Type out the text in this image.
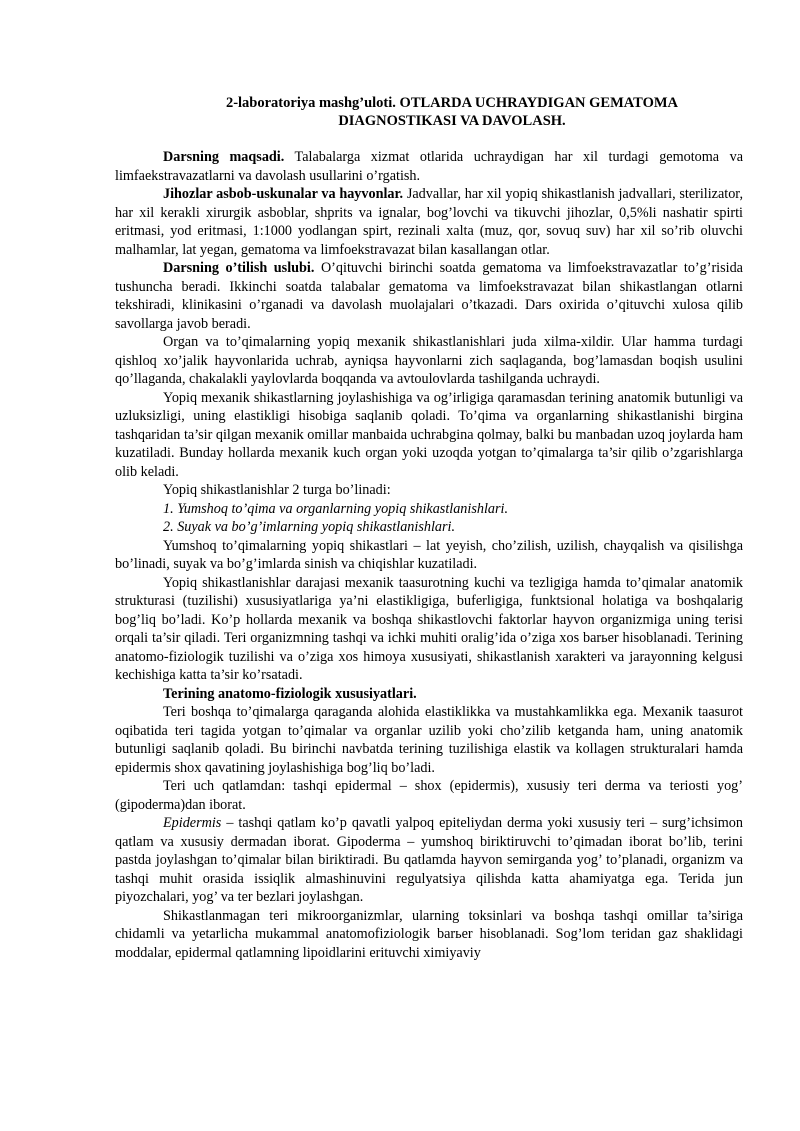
2-laboratoriya mashg’uloti. OTLARDA UCHRAYDIGAN GEMATOMA
DIAGNOSTIKASI VA DAVOLASH.

Darsning maqsadi. Talabalarga xizmat otlarida uchraydigan har xil turdagi gemotoma va limfaekstravazatlarni va davolash usullarini o’rgatish.

Jihozlar asbob-uskunalar va hayvonlar. Jadvallar, har xil yopiq shikastlanish jadvallari, sterilizator, har xil kerakli xirurgik asboblar, shprits va ignalar, bog’lovchi va tikuvchi jihozlar, 0,5%li nashatir spirti eritmasi, yod eritmasi, 1:1000 yodlangan spirt, rezinali xalta (muz, qor, sovuq suv) har xil so’rib oluvchi malhamlar, lat yegan, gematoma va limfoekstravazat bilan kasallangan otlar.

Darsning o’tilish uslubi. O’qituvchi birinchi soatda gematoma va limfoekstravazatlar to’g’risida tushuncha beradi. Ikkinchi soatda talabalar gematoma va limfoekstravazat bilan shikastlangan otlarni tekshiradi, klinikasini o’rganadi va davolash muolajalari o’tkazadi. Dars oxirida o’qituvchi xulosa qilib savollarga javob beradi.

Organ va to’qimalarning yopiq mexanik shikastlanishlari juda xilma-xildir. Ular hamma turdagi qishloq xo’jalik hayvonlarida uchrab, ayniqsa hayvonlarni zich saqlaganda, bog’lamasdan boqish usulini qo’llaganda, chakalakli yaylovlarda boqqanda va avtoulovlarda tashilganda uchraydi.

Yopiq mexanik shikastlarning joylashishiga va og’irligiga qaramasdan terining anatomik butunligi va uzluksizligi, uning elastikligi hisobiga saqlanib qoladi. To’qima va organlarning shikastlanishi birgina tashqaridan ta’sir qilgan mexanik omillar manbaida uchrabgina qolmay, balki bu manbadan uzoq joylarda ham kuzatiladi. Bunday hollarda mexanik kuch organ yoki uzoqda yotgan to’qimalarga ta’sir qilib o’zgarishlarga olib keladi.

Yopiq shikastlanishlar 2 turga bo’linadi:

1. Yumshoq to’qima va organlarning yopiq shikastlanishlari.

2. Suyak va bo’g’imlarning yopiq shikastlanishlari.

Yumshoq to’qimalarning yopiq shikastlari – lat yeyish, cho’zilish, uzilish, chayqalish va qisilishga bo’linadi, suyak va bo’g’imlarda sinish va chiqishlar kuzatiladi.

Yopiq shikastlanishlar darajasi mexanik taasurotning kuchi va tezligiga hamda to’qimalar anatomik strukturasi (tuzilishi) xususiyatlariga ya’ni elastikligiga, buferligiga, funktsional holatiga va boshqalarig bog’liq bo’ladi. Ko’p hollarda mexanik va boshqa shikastlovchi faktorlar hayvon organizmiga uning terisi orqali ta’sir qiladi. Teri organizmning tashqi va ichki muhiti oralig’ida o’ziga xos barьer hisoblanadi. Terining anatomo-fiziologik tuzilishi va o’ziga xos himoya xususiyati, shikastlanish xarakteri va jarayonning kelgusi kechishiga katta ta’sir ko’rsatadi.

Terining anatomo-fiziologik xususiyatlari.

Teri boshqa to’qimalarga qaraganda alohida elastiklikka va mustahkamlikka ega. Mexanik taasurot oqibatida teri tagida yotgan to’qimalar va organlar uzilib yoki cho’zilib ketganda ham, uning anatomik butunligi saqlanib qoladi. Bu birinchi navbatda terining tuzilishiga elastik va kollagen strukturalari hamda epidermis shox qavatining joylashishiga bog’liq bo’ladi.

Teri uch qatlamdan: tashqi epidermal – shox (epidermis), xususiy teri derma va teriosti yog’ (gipoderma)dan iborat.

Epidermis – tashqi qatlam ko’p qavatli yalpoq epiteliydan derma yoki xususiy teri – surg’ichsimon qatlam va xususiy dermadan iborat. Gipoderma – yumshoq biriktiruvchi to’qimadan iborat bo’lib, terini pastda joylashgan to’qimalar bilan biriktiradi. Bu qatlamda hayvon semirganda yog’ to’planadi, organizm va tashqi muhit orasida issiqlik almashinuvini regulyatsiya qilishda katta ahamiyatga ega. Terida jun piyozchalari, yog’ va ter bezlari joylashgan.

Shikastlanmagan teri mikroorganizmlar, ularning toksinlari va boshqa tashqi omillar ta’siriga chidamli va yetarlicha mukammal anatomofiziologik barьer hisoblanadi. Sog’lom teridan gaz shaklidagi moddalar, epidermal qatlamning lipoidlarini erituvchi ximiyaviy
